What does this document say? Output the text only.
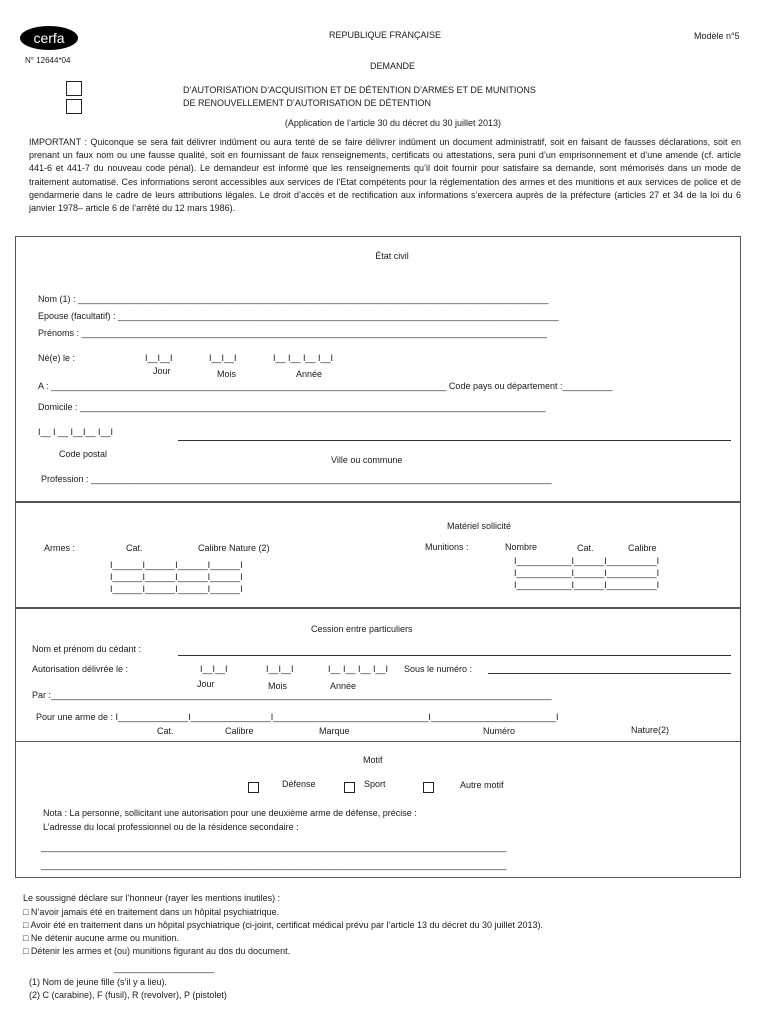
cerfa
N° 12644*04
REPUBLIQUE FRANÇAISE	Modèle n°5
DEMANDE
D’AUTORISATION D’ACQUISITION ET DE DÉTENTION D’ARMES ET DE MUNITIONS
DE RENOUVELLEMENT D’AUTORISATION DE DÉTENTION
(Application de l’article 30 du décret du 30 juillet 2013)
IMPORTANT : Quiconque se sera fait délivrer indûment ou aura tenté de se faire délivrer indûment un document administratif, soit en faisant de fausses déclarations, soit en prenant un faux nom ou une fausse qualité, soit en fournissant de faux renseignements, certificats ou attestations, sera puni d’un emprisonnement et d’une amende (cf. article 441-6 et 441-7 du nouveau code pénal). Le demandeur est informé que les renseignements qu’il doit fournir pour satisfaire sa demande, sont mémorisés dans un mode de traitement automatisé. Ces informations seront accessibles aux services de l’Etat compétents pour la réglementation des armes et des munitions et aux services de police et de gendarmerie dans le cadre de leurs attributions légales. Le droit d’accès et de rectification aux informations s’exercera auprès de la préfecture (articles 27 et 34 de la loi du 6 janvier 1978– article 6 de l’arrêté du 12 mars 1986).
État civil
Nom (1) : ______________________________________________________________________________________________
Epouse (facultatif) : ________________________________________________________________________________________
Prénoms : _____________________________________________________________________________________________
Né(e) le :	I__I__I	I__I__I	I__ I__ I__ I__I
Jour	Mois	Année
A : _______________________________________________________________________________ Code pays ou département :__________
Domicile : _____________________________________________________________________________________________
I__ I __ I__I__ I__I
Code postal
Ville ou commune
Profession : ____________________________________________________________________________________________
Matériel sollicité
Armes :	Cat.	Calibre Nature (2)	Munitions :	Nombre	Cat.	Calibre
I______I______I______I______I
I______I______I______I______I
I______I______I______I______I
I___________I______I__________I
I___________I______I__________I
I___________I______I__________I
Cession entre particuliers
Nom et prénom du cédant :
Autorisation délivrée le :	I__I__I	I__I__I	I__ I__ I__ I__I Sous le numéro :
Jour	Mois	Année
Par :____________________________________________________________________________________________________
Pour une arme de : I______________I________________I_______________________________I_________________________I
Cat.	Calibre	Marque	Numéro	Nature(2)
Motif
Défense	Sport	Autre motif
Nota : La personne, sollicitant une autorisation pour une deuxième arme de défense, précise :
L’adresse du local professionnel ou de la résidence secondaire :
_____________________________________________________________________________________________
_____________________________________________________________________________________________
Le soussigné déclare sur l’honneur (rayer les mentions inutiles) :
□ N’avoir jamais été en traitement dans un hôpital psychiatrique.
□ Avoir été en traitement dans un hôpital psychiatrique (ci-joint, certificat médical prévu par l’article 13 du décret du 30 juillet 2013).
□ Ne détenir aucune arme ou munition.
□ Détenir les armes et (ou) munitions figurant au dos du document.
____________________
(1) Nom de jeune fille (s’il y a lieu).
(2) C (carabine), F (fusil), R (revolver), P (pistolet)
